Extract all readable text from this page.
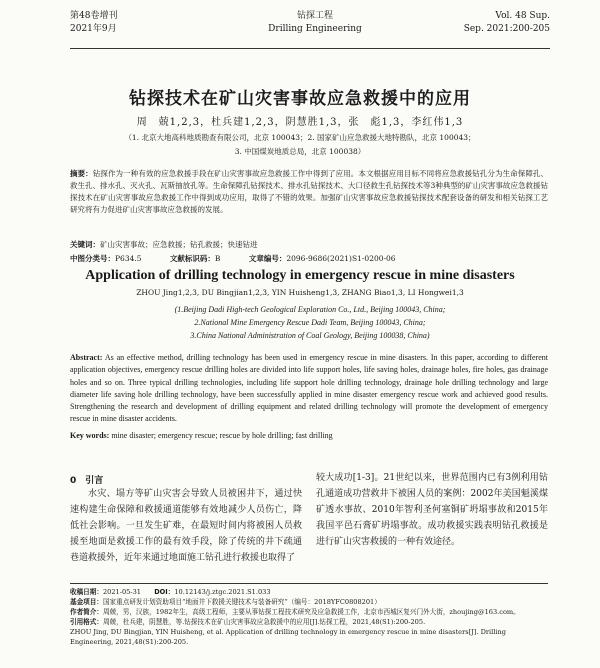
第48卷增刊
2021年9月
钻探工程
Drilling Engineering
Vol. 48 Sup.
Sep. 2021:200-205
钻探技术在矿山灾害事故应急救援中的应用
周　兢1,2,3，杜兵建1,2,3，阴慧胜1,3，张　彪1,3，李红伟1,3
（1. 北京大地高科地质勘查有限公司，北京 100043；2. 国家矿山应急救援大地特勘队，北京 100043；
3. 中国煤炭地质总局，北京 100038）
摘要：钻探作为一种有效的应急救援手段在矿山灾害事故应急救援工作中得到了应用。本文根据应用目标不同将应急救援钻孔分为生命保障孔、救生孔、排水孔、灭火孔、瓦斯抽放孔等。生命保障孔钻探技术、排水孔钻探技术、大口径救生孔钻探技术等3种典型的矿山灾害事故应急救援钻探技术在矿山灾害事故应急救援工作中得到成功应用，取得了不错的效果。加强矿山灾害事故应急救援钻探技术配套设备的研发和相关钻探工艺研究将有力促进矿山灾害事故应急救援的发展。
关键词：矿山灾害事故；应急救援；钻孔救援；快速钻进
中图分类号：P634.5	文献标识码：B	文章编号：2096-9686(2021)S1-0200-06
Application of drilling technology in emergency rescue in mine disasters
ZHOU Jing1,2,3, DU Bingjian1,2,3, YIN Huisheng1,3, ZHANG Biao1,3, LI Hongwei1,3
(1.Beijing Dadi High-tech Geological Exploration Co., Ltd., Beijing 100043, China;
2.National Mine Emergency Rescue Dadi Team, Beijing 100043, China;
3.China National Administration of Coal Geology, Beijing 100038, China)
Abstract: As an effective method, drilling technology has been used in emergency rescue in mine disasters. In this paper, according to different application objectives, emergency rescue drilling holes are divided into life support holes, life saving holes, drainage holes, fire holes, gas drainage holes and so on. Three typical drilling technologies, including life support hole drilling technology, drainage hole drilling technology and large diameter life saving hole drilling technology, have been successfully applied in mine disaster emergency rescue work and achieved good results. Strengthening the research and development of drilling equipment and related drilling technology will promote the development of emergency rescue in mine disaster accidents.
Key words: mine disaster; emergency rescue; rescue by hole drilling; fast drilling
0　引言
水灾、塌方等矿山灾害会导致人员被困井下，通过快速构建生命保障和救援通道能够有效地减少人员伤亡，降低社会影响。一旦发生矿难，在最短时间内将被困人员救援至地面是救援工作的最有效手段，除了传统的井下疏通巷道救援外，近年来通过地面施工钻孔进行救援也取得了
较大成功[1-3]。21世纪以来，世界范围内已有3例利用钻孔通道成功营救井下被困人员的案例：2002年美国魁溪煤矿透水事故、2010年智利圣何塞铜矿坍塌事故和2015年我国平邑石膏矿坍塌事故。成功救援实践表明钻孔救援是进行矿山灾害救援的一种有效途径。
收稿日期：2021-05-31　　 DOI：10.12143/j.ztgc.2021.S1.033
基金项目：国家重点研发计划资助项目“地面井下救援关键技术与装备研究”（编号：2018YFC0808201）
作者简介：周兢，男，汉族，1982年生，高级工程师，主要从事钻探工程技术研究及应急救援工作，北京市西城区复兴门外大街，zhoujing@163.com。
引用格式：周兢，杜兵建，阴慧胜，等.钻探技术在矿山灾害事故应急救援中的应用[J].钻探工程，2021,48(S1):200-205.
ZHOU Jing, DU Bingjian, YIN Huisheng, et al. Application of drilling technology in emergency rescue in mine disasters[J]. Drilling Engineering, 2021,48(S1):200-205.
